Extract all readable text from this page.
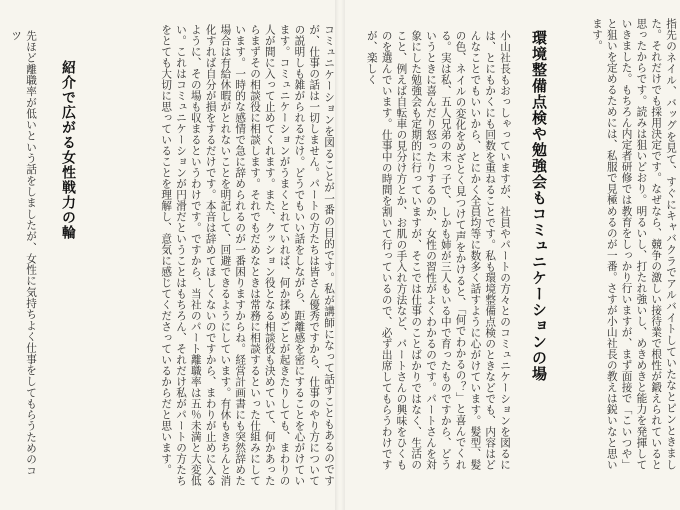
コミュニケーションを図ることが一番の目的です。私が講師になって話すこともあるのですが、仕事の話は一切しません。パートの方たちは皆さん優秀ですから、仕事のやり方についての説明しも雑がられるだけ。どうでもいい話をしながら、距離感を密にすることを心がけています。コミュニケーションがうまくとれていれば、何か揉めごとが起きたりしても、まわりの人が間に入って止めてくれます。また、クッション役となる相談役も決めていて、何かあったらまずその相談役に相談します。それでもだめなときは常務に相談するといった仕組みにしています。一時的な感情で急に辞められるのが一番困りますからね。経営計画書にも突然辞めた場合は有給休暇がとれないことを明記して、回避できるようにしています。有休もきちんと消化すれば自分が損をするだけです。本音は辞めてほしくないのですから、まわりが止めに入るように、その場も収まるというわけです。ですから、当社のパート離職率は五％未満と大変低い。これはコミュニケーションが円滑だということはもちろん、それだけ私がパートの方たちをとても大切に思っていることを理解し、意気に感じてくださっているからだと思います。
紹介で広がる女性戦力の輪
先ほど離職率が低いという話をしましたが、女性に気持ちよく仕事をしてもらうためのコツ	指先のネイル、バッグを見て、すぐにキャバクラでアルバイトしていたなとピンときました。それだけでも採用決定です。なぜなら、競争の激しい接待業で根性が鍛えられていると思ったからです。読みは狙いどおり。明るいし、打たれ強いし、めきめきと能力を発揮していきました。もちろん内定者研修では教育をしっかり行いますが、まず面接で「こいつや」と狙いを定めるためには、私服で見極めるのが一番。さすが小山社長の教えは鋭いなと思います。
環境整備点検や勉強会もコミュニケーションの場
小山社長もおっしゃっていますが、社員やパートの方々とのコミュニケーションを図るには、とにもかくにも回数を重ねることです。私も環境整備点検のときなどでも、内容はどんなことでもいいから、とにかく全員均等に数多く話すように心がけています。髪型、髪の色、ネイルの変化をめざとく見つけて声をかけると、「何でわかるの？」と喜んでくれる。実は私、五人兄弟の末っ子で、しかも姉が三人もいる中で育ったものですから、どういうときに喜んだり怒ったりするのか、女性の習性がよくわかるのです。パートさんを対象にした勉強会も定期的に行っていますが、そこでは仕事のことばかりではなく、生活のこと、例えば自転車の見分け方とか、お肌の手入れ方法など、パートさんの興味をひくものを選んでいます。仕事中の時間を割いて行っているので、必ず出席してもらうわけですが、楽しく
